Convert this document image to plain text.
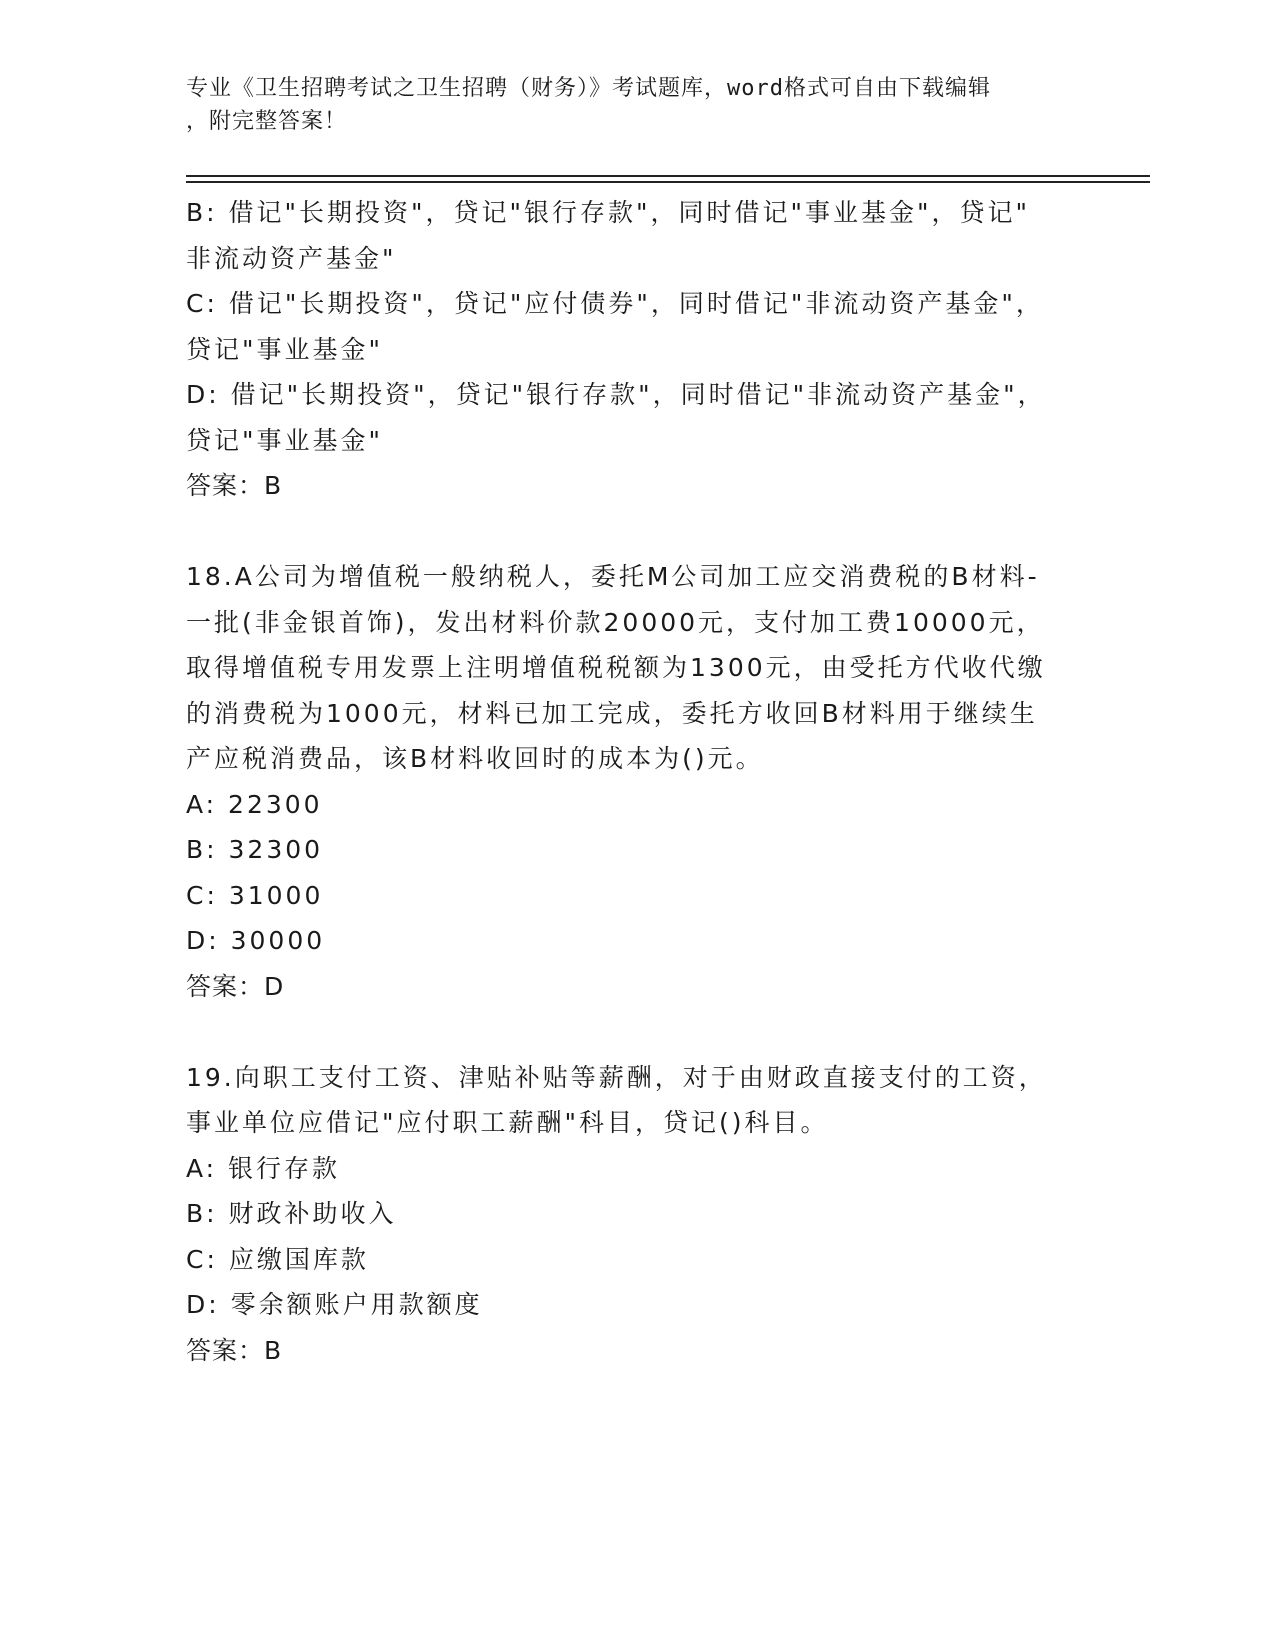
专业《卫生招聘考试之卫生招聘（财务）》考试题库，word格式可自由下载编辑
，附完整答案！
B: 借记"长期投资"，贷记"银行存款"，同时借记"事业基金"，贷记"
非流动资产基金"
C: 借记"长期投资"，贷记"应付债券"，同时借记"非流动资产基金"，
贷记"事业基金"
D: 借记"长期投资"，贷记"银行存款"，同时借记"非流动资产基金"，
贷记"事业基金"
答案：B
18.A公司为增值税一般纳税人，委托M公司加工应交消费税的B材料-
一批(非金银首饰)，发出材料价款20000元，支付加工费10000元，
取得增值税专用发票上注明增值税税额为1300元，由受托方代收代缴
的消费税为1000元，材料已加工完成，委托方收回B材料用于继续生
产应税消费品，该B材料收回时的成本为()元。
A: 22300
B: 32300
C: 31000
D: 30000
答案：D
19.向职工支付工资、津贴补贴等薪酬，对于由财政直接支付的工资，
事业单位应借记"应付职工薪酬"科目，贷记()科目。
A: 银行存款
B: 财政补助收入
C: 应缴国库款
D: 零余额账户用款额度
答案：B
